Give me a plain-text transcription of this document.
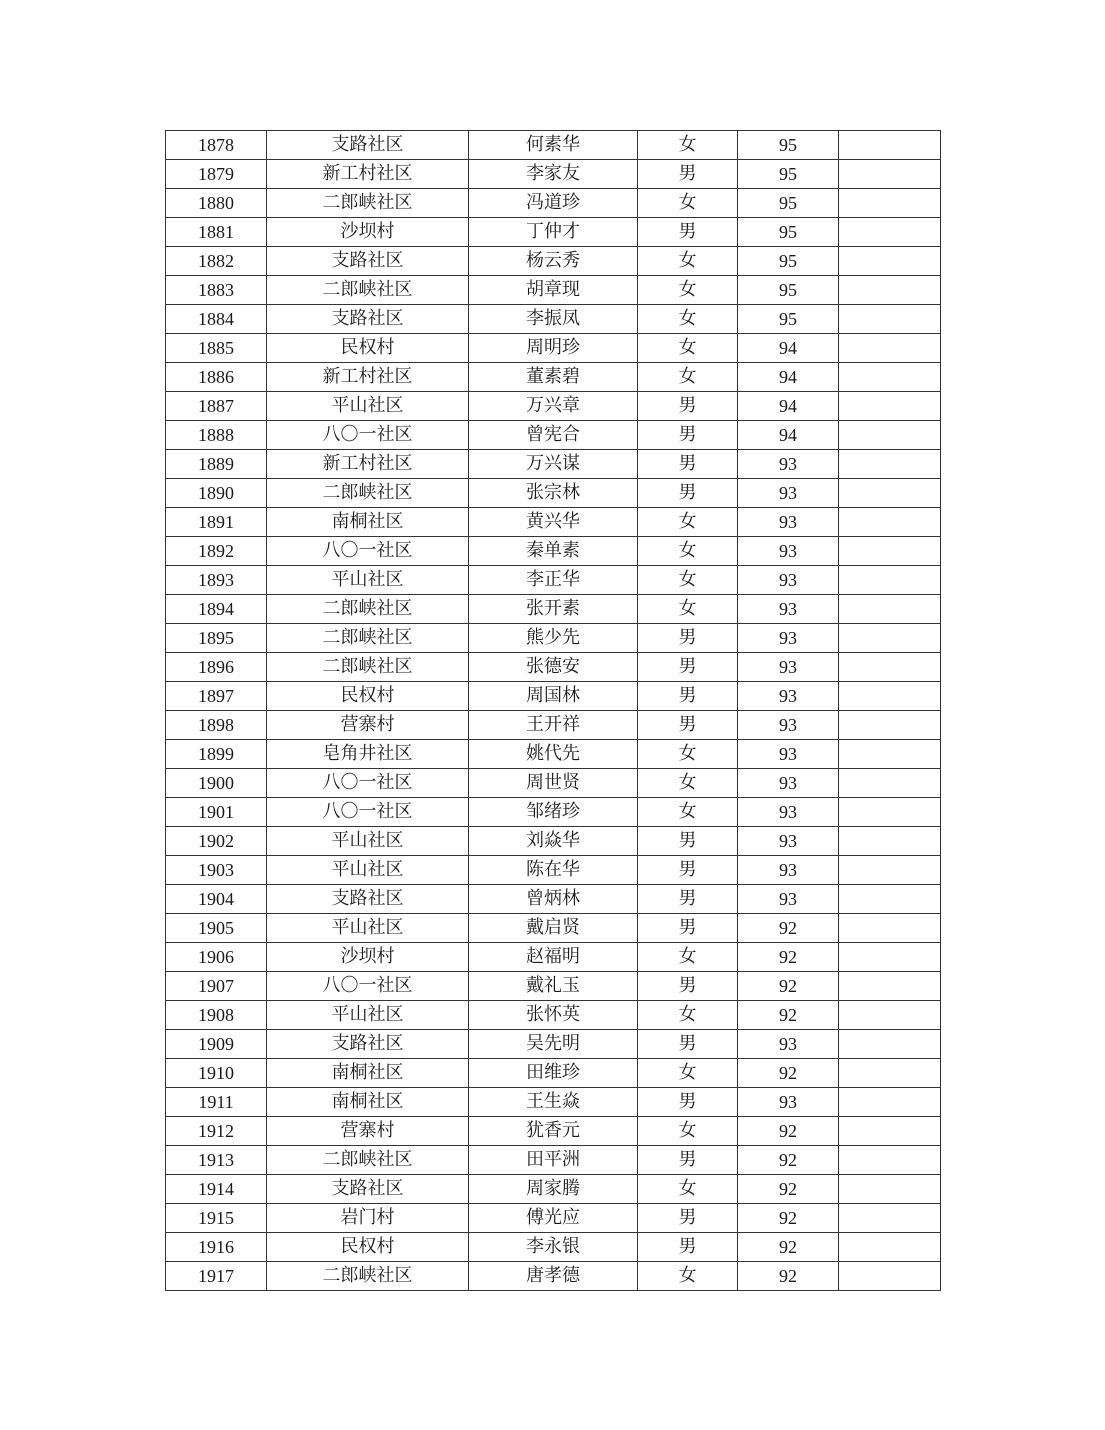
1878	支路社区	何素华	女	95	
1879	新工村社区	李家友	男	95	
1880	二郎峡社区	冯道珍	女	95	
1881	沙坝村	丁仲才	男	95	
1882	支路社区	杨云秀	女	95	
1883	二郎峡社区	胡章现	女	95	
1884	支路社区	李振凤	女	95	
1885	民权村	周明珍	女	94	
1886	新工村社区	董素碧	女	94	
1887	平山社区	万兴章	男	94	
1888	八〇一社区	曾宪合	男	94	
1889	新工村社区	万兴谋	男	93	
1890	二郎峡社区	张宗林	男	93	
1891	南桐社区	黄兴华	女	93	
1892	八〇一社区	秦单素	女	93	
1893	平山社区	李正华	女	93	
1894	二郎峡社区	张开素	女	93	
1895	二郎峡社区	熊少先	男	93	
1896	二郎峡社区	张德安	男	93	
1897	民权村	周国林	男	93	
1898	营寨村	王开祥	男	93	
1899	皂角井社区	姚代先	女	93	
1900	八〇一社区	周世贤	女	93	
1901	八〇一社区	邹绪珍	女	93	
1902	平山社区	刘焱华	男	93	
1903	平山社区	陈在华	男	93	
1904	支路社区	曾炳林	男	93	
1905	平山社区	戴启贤	男	92	
1906	沙坝村	赵福明	女	92	
1907	八〇一社区	戴礼玉	男	92	
1908	平山社区	张怀英	女	92	
1909	支路社区	吴先明	男	93	
1910	南桐社区	田维珍	女	92	
1911	南桐社区	王生焱	男	93	
1912	营寨村	犹香元	女	92	
1913	二郎峡社区	田平洲	男	92	
1914	支路社区	周家腾	女	92	
1915	岩门村	傅光应	男	92	
1916	民权村	李永银	男	92	
1917	二郎峡社区	唐孝德	女	92	
